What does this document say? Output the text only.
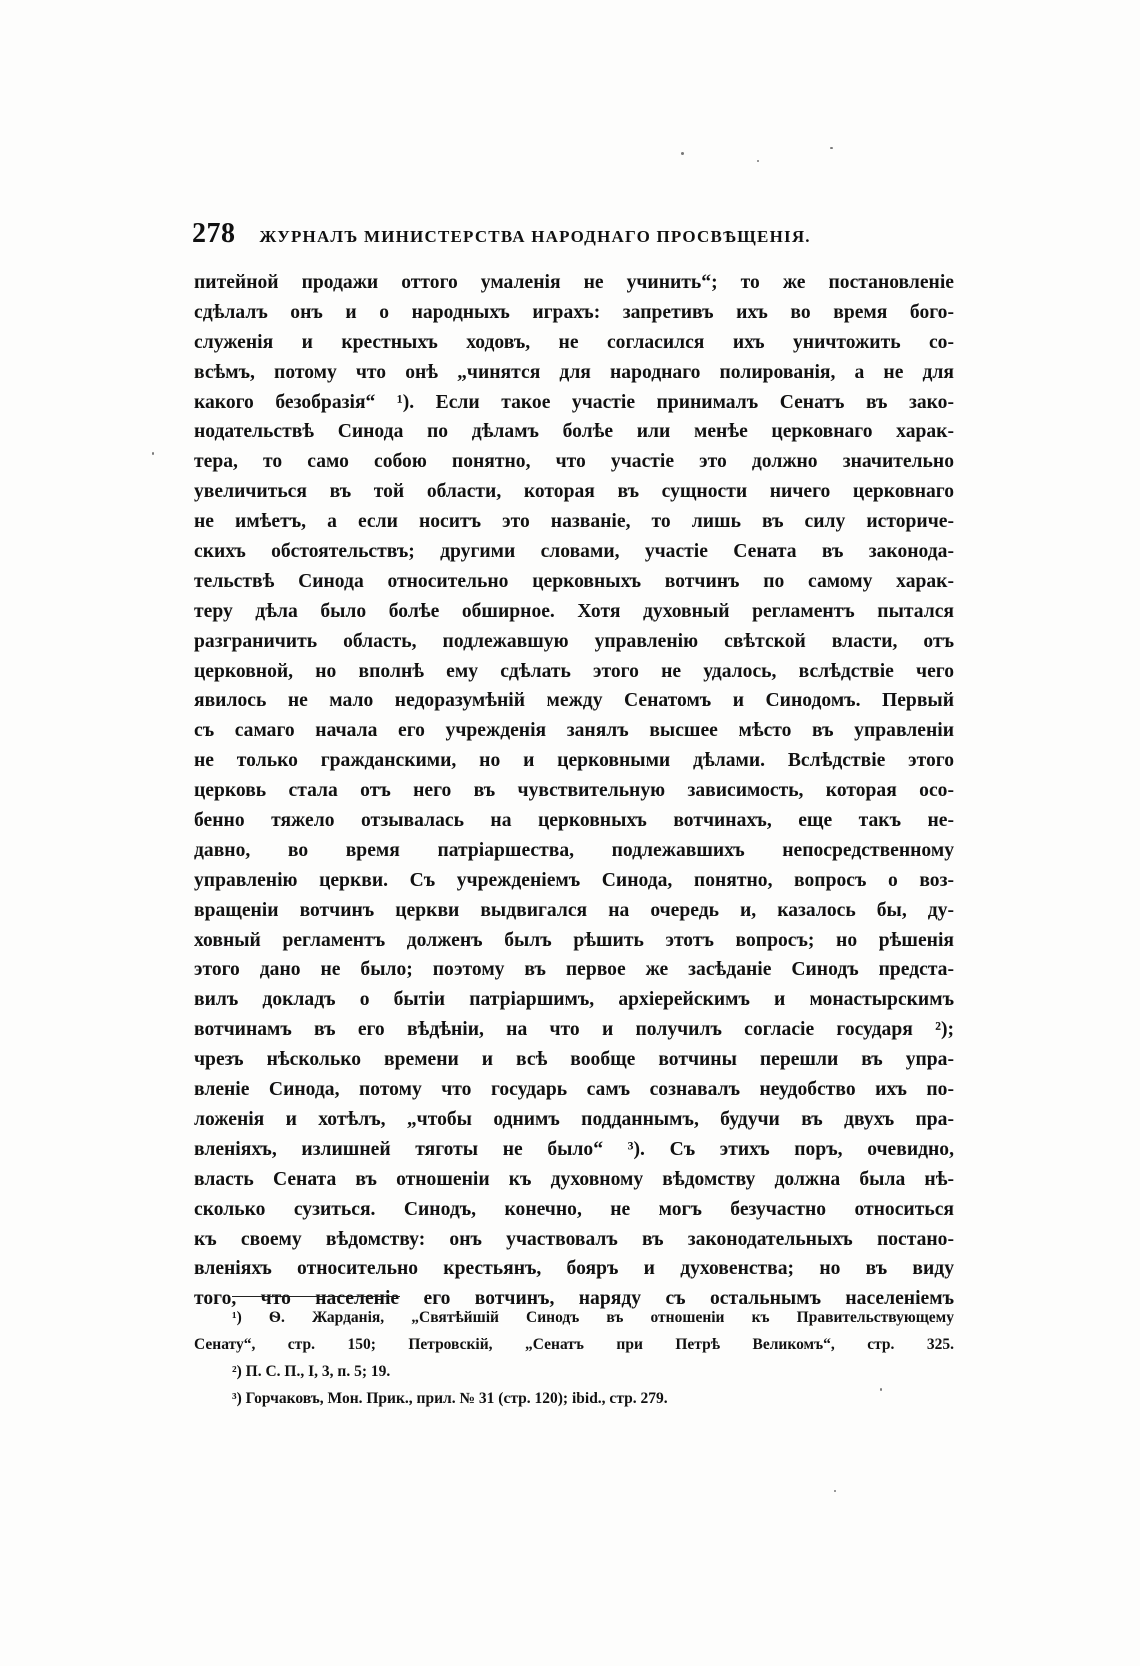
278 ЖУРНАЛЪ МИНИСТЕРСТВА НАРОДНАГО ПРОСВѢЩЕНІЯ.
питейной продажи оттого умаленія не учинить“; то же постановленіе
сдѣлалъ онъ и о народныхъ играхъ: запретивъ ихъ во время бого-
служенія и крестныхъ ходовъ, не согласился ихъ уничтожить со-
всѣмъ, потому что онѣ „чинятся для народнаго полированія, а не для
какого безобразія“ ¹). Если такое участіе принималъ Сенатъ въ зако-
нодательствѣ Синода по дѣламъ болѣе или менѣе церковнаго харак-
тера, то само собою понятно, что участіе это должно значительно
увеличиться въ той области, которая въ сущности ничего церковнаго
не имѣетъ, а если носитъ это названіе, то лишь въ силу историче-
скихъ обстоятельствъ; другими словами, участіе Сената въ законода-
тельствѣ Синода относительно церковныхъ вотчинъ по самому харак-
теру дѣла было болѣе обширное. Хотя духовный регламентъ пытался
разграничить область, подлежавшую управленію свѣтской власти, отъ
церковной, но вполнѣ ему сдѣлать этого не удалось, вслѣдствіе чего
явилось не мало недоразумѣній между Сенатомъ и Синодомъ. Первый
съ самаго начала его учрежденія занялъ высшее мѣсто въ управленіи
не только гражданскими, но и церковными дѣлами. Вслѣдствіе этого
церковь стала отъ него въ чувствительную зависимость, которая осо-
бенно тяжело отзывалась на церковныхъ вотчинахъ, еще такъ не-
давно, во время патріаршества, подлежавшихъ непосредственному
управленію церкви. Съ учрежденіемъ Синода, понятно, вопросъ о воз-
вращеніи вотчинъ церкви выдвигался на очередь и, казалось бы, ду-
ховный регламентъ долженъ былъ рѣшить этотъ вопросъ; но рѣшенія
этого дано не было; поэтому въ первое же засѣданіе Синодъ предста-
вилъ докладъ о бытіи патріаршимъ, архіерейскимъ и монастырскимъ
вотчинамъ въ его вѣдѣніи, на что и получилъ согласіе государя ²);
чрезъ нѣсколько времени и всѣ вообще вотчины перешли въ упра-
вленіе Синода, потому что государь самъ сознавалъ неудобство ихъ по-
ложенія и хотѣлъ, „чтобы однимъ подданнымъ, будучи въ двухъ пра-
вленіяхъ, излишней тяготы не было“ ³). Съ этихъ поръ, очевидно,
власть Сената въ отношеніи къ духовному вѣдомству должна была нѣ-
сколько сузиться. Синодъ, конечно, не могъ безучастно относиться
къ своему вѣдомству: онъ участвовалъ въ законодательныхъ постано-
вленіяхъ относительно крестьянъ, бояръ и духовенства; но въ виду
того, что населеніе его вотчинъ, наряду съ остальнымъ населеніемъ
¹) Ѳ. Жарданія, „Святѣйшій Синодъ въ отношеніи къ Правительствующему
Сенату“, стр. 150; Петровскій, „Сенатъ при Петрѣ Великомъ“, стр. 325.
²) П. С. П., I, 3, п. 5; 19.
³) Горчаковъ, Мон. Прик., прил. № 31 (стр. 120); ibid., стр. 279.
